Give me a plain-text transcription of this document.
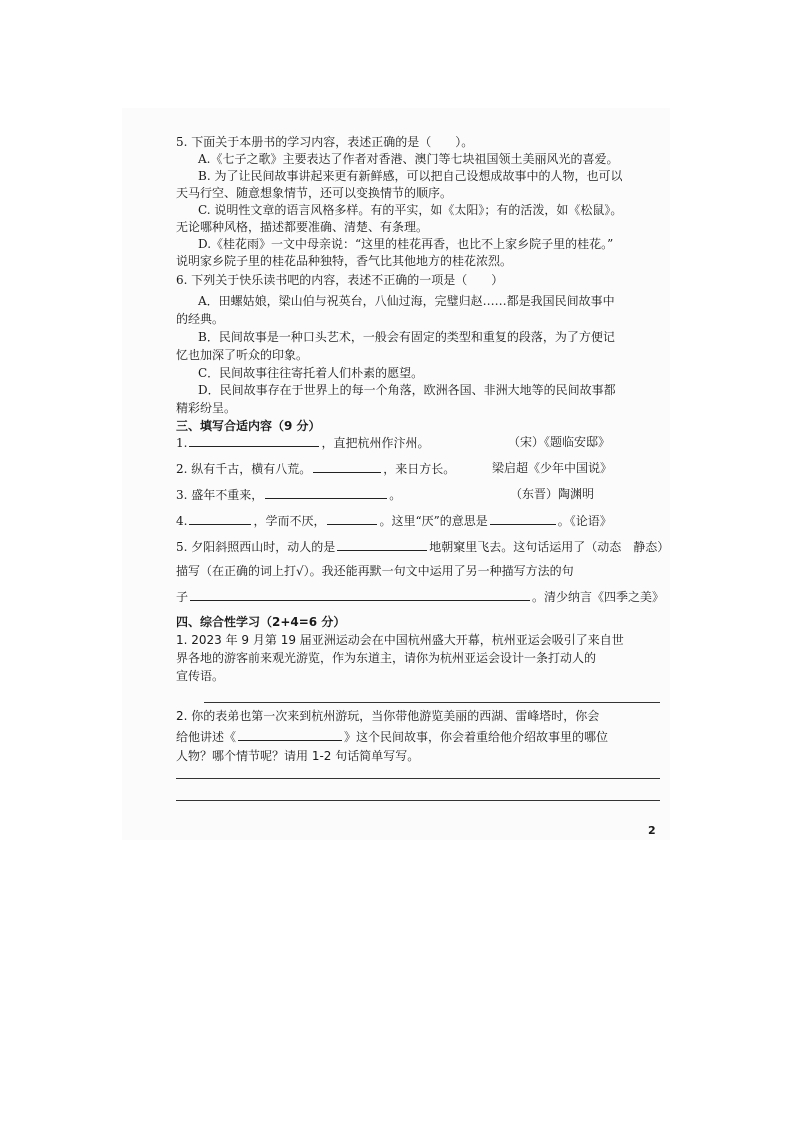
5. 下面关于本册书的学习内容，表述正确的是（　　）。
A.《七子之歌》主要表达了作者对香港、澳门等七块祖国领土美丽风光的喜爱。
B. 为了让民间故事讲起来更有新鲜感，可以把自己设想成故事中的人物，也可以
天马行空、随意想象情节，还可以变换情节的顺序。
C. 说明性文章的语言风格多样。有的平实，如《太阳》；有的活泼，如《松鼠》。
无论哪种风格，描述都要准确、清楚、有条理。
D.《桂花雨》一文中母亲说：“这里的桂花再香，也比不上家乡院子里的桂花。”
说明家乡院子里的桂花品种独特，香气比其他地方的桂花浓烈。
6. 下列关于快乐读书吧的内容，表述不正确的一项是（　　）
A．田螺姑娘，梁山伯与祝英台，八仙过海，完璧归赵……都是我国民间故事中
的经典。
B．民间故事是一种口头艺术，一般会有固定的类型和重复的段落，为了方便记
忆也加深了听众的印象。
C．民间故事往往寄托着人们朴素的愿望。
D．民间故事存在于世界上的每一个角落，欧洲各国、非洲大地等的民间故事都
精彩纷呈。
三、填写合适内容（9 分）
1.	，直把杭州作汴州。	（宋）《题临安邸》
2. 纵有千古，横有八荒。	，来日方长。	梁启超《少年中国说》
3. 盛年不重来，	。	（东晋）陶渊明
4.	，学而不厌，	。这里“厌”的意思是	。《论语》
5. 夕阳斜照西山时，动人的是	地朝窠里飞去。这句话运用了（动态　静态）
描写（在正确的词上打√）。我还能再默一句文中运用了另一种描写方法的句
子	。清少纳言《四季之美》
四、综合性学习（2+4=6 分）
1. 2023 年 9 月第 19 届亚洲运动会在中国杭州盛大开幕，杭州亚运会吸引了来自世
界各地的游客前来观光游览，作为东道主，请你为杭州亚运会设计一条打动人的
宣传语。
2. 你的表弟也第一次来到杭州游玩，当你带他游览美丽的西湖、雷峰塔时，你会
给他讲述《	》这个民间故事，你会着重给他介绍故事里的哪位
人物？哪个情节呢？请用 1-2 句话简单写写。
2
